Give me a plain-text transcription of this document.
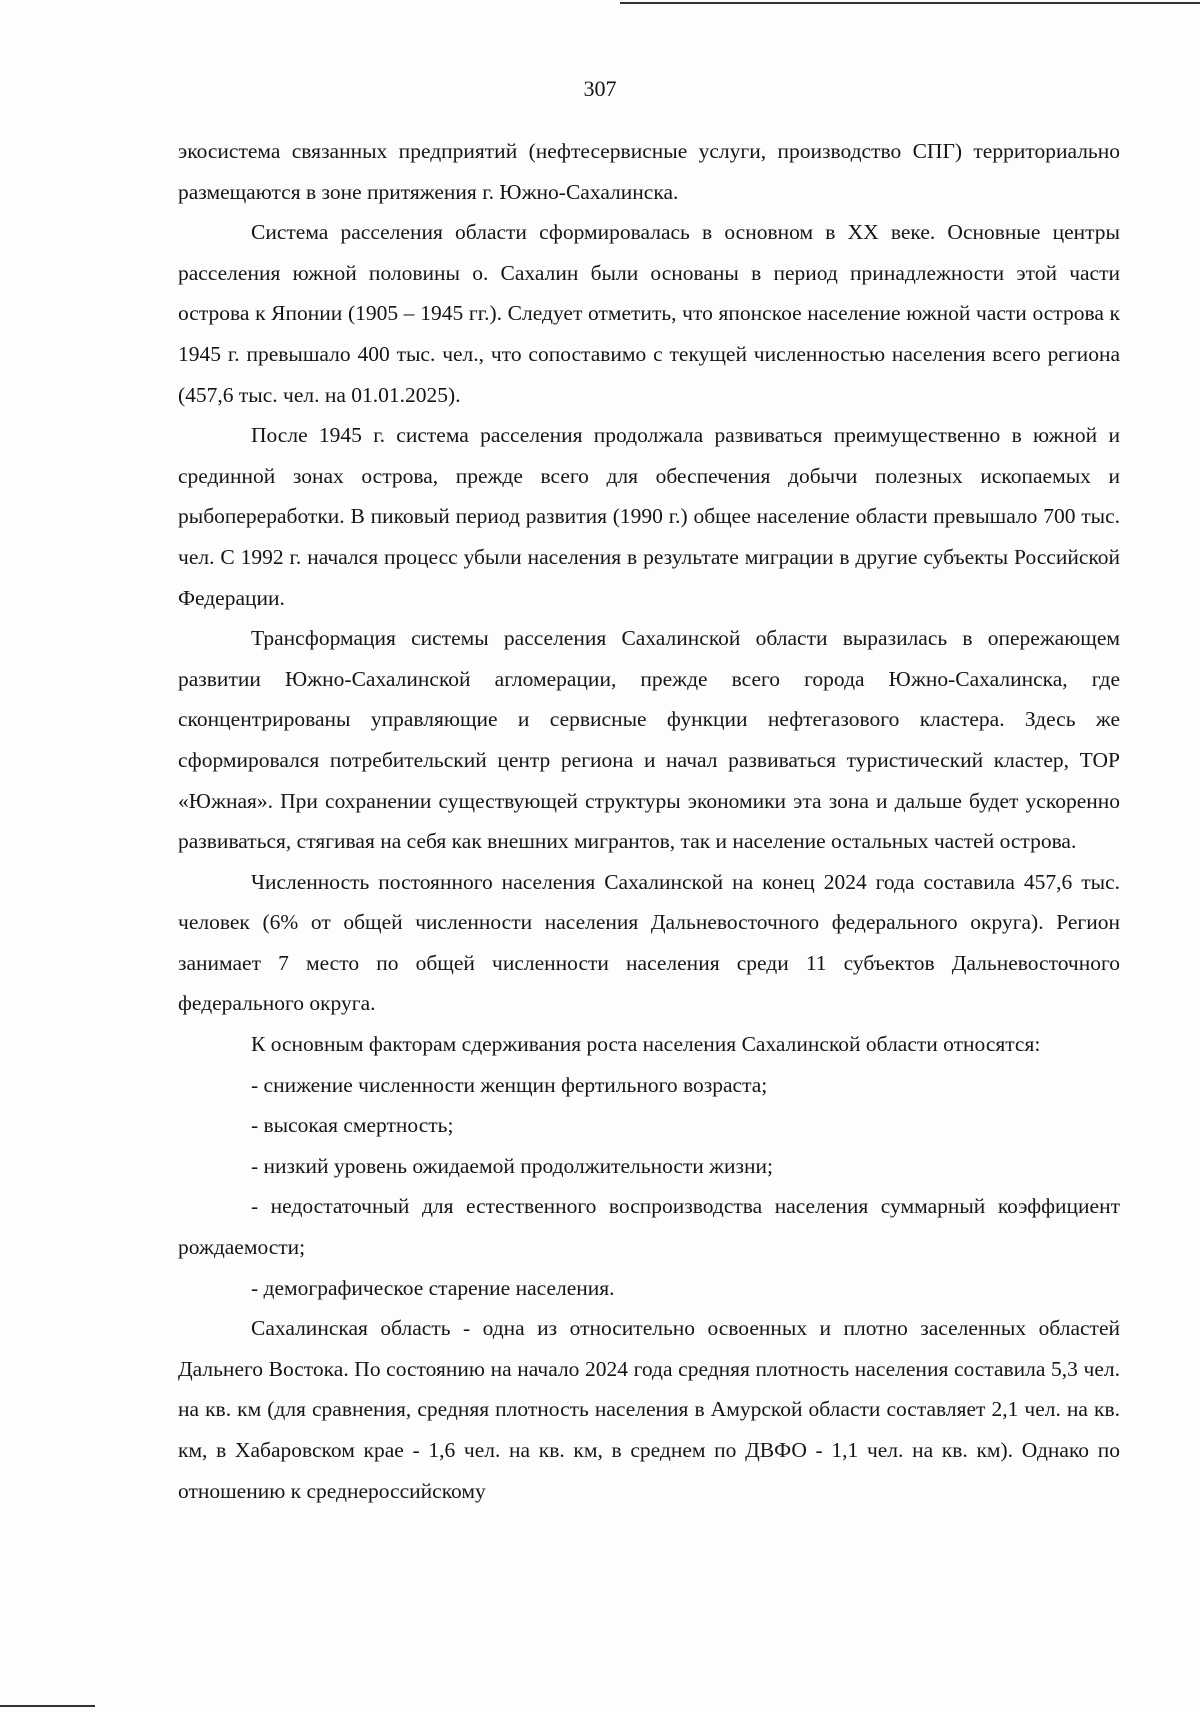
307

экосистема связанных предприятий (нефтесервисные услуги, производство СПГ) территориально размещаются в зоне притяжения г. Южно-Сахалинска.

Система расселения области сформировалась в основном в XX веке. Основные центры расселения южной половины о. Сахалин были основаны в период принадлежности этой части острова к Японии (1905 – 1945 гг.). Следует отметить, что японское население южной части острова к 1945 г. превышало 400 тыс. чел., что сопоставимо с текущей численностью населения всего региона (457,6 тыс. чел. на 01.01.2025).

После 1945 г. система расселения продолжала развиваться преимущественно в южной и срединной зонах острова, прежде всего для обеспечения добычи полезных ископаемых и рыбопереработки. В пиковый период развития (1990 г.) общее население области превышало 700 тыс. чел. С 1992 г. начался процесс убыли населения в результате миграции в другие субъекты Российской Федерации.

Трансформация системы расселения Сахалинской области выразилась в опережающем развитии Южно-Сахалинской агломерации, прежде всего города Южно-Сахалинска, где сконцентрированы управляющие и сервисные функции нефтегазового кластера. Здесь же сформировался потребительский центр региона и начал развиваться туристический кластер, ТОР «Южная». При сохранении существующей структуры экономики эта зона и дальше будет ускоренно развиваться, стягивая на себя как внешних мигрантов, так и население остальных частей острова.

Численность постоянного населения Сахалинской на конец 2024 года составила 457,6 тыс. человек (6% от общей численности населения Дальневосточного федерального округа). Регион занимает 7 место по общей численности населения среди 11 субъектов Дальневосточного федерального округа.

К основным факторам сдерживания роста населения Сахалинской области относятся:

- снижение численности женщин фертильного возраста;
- высокая смертность;
- низкий уровень ожидаемой продолжительности жизни;
- недостаточный для естественного воспроизводства населения суммарный коэффициент рождаемости;
- демографическое старение населения.

Сахалинская область - одна из относительно освоенных и плотно заселенных областей Дальнего Востока. По состоянию на начало 2024 года средняя плотность населения составила 5,3 чел. на кв. км (для сравнения, средняя плотность населения в Амурской области составляет 2,1 чел. на кв. км, в Хабаровском крае - 1,6 чел. на кв. км, в среднем по ДВФО - 1,1 чел. на кв. км). Однако по отношению к среднероссийскому
